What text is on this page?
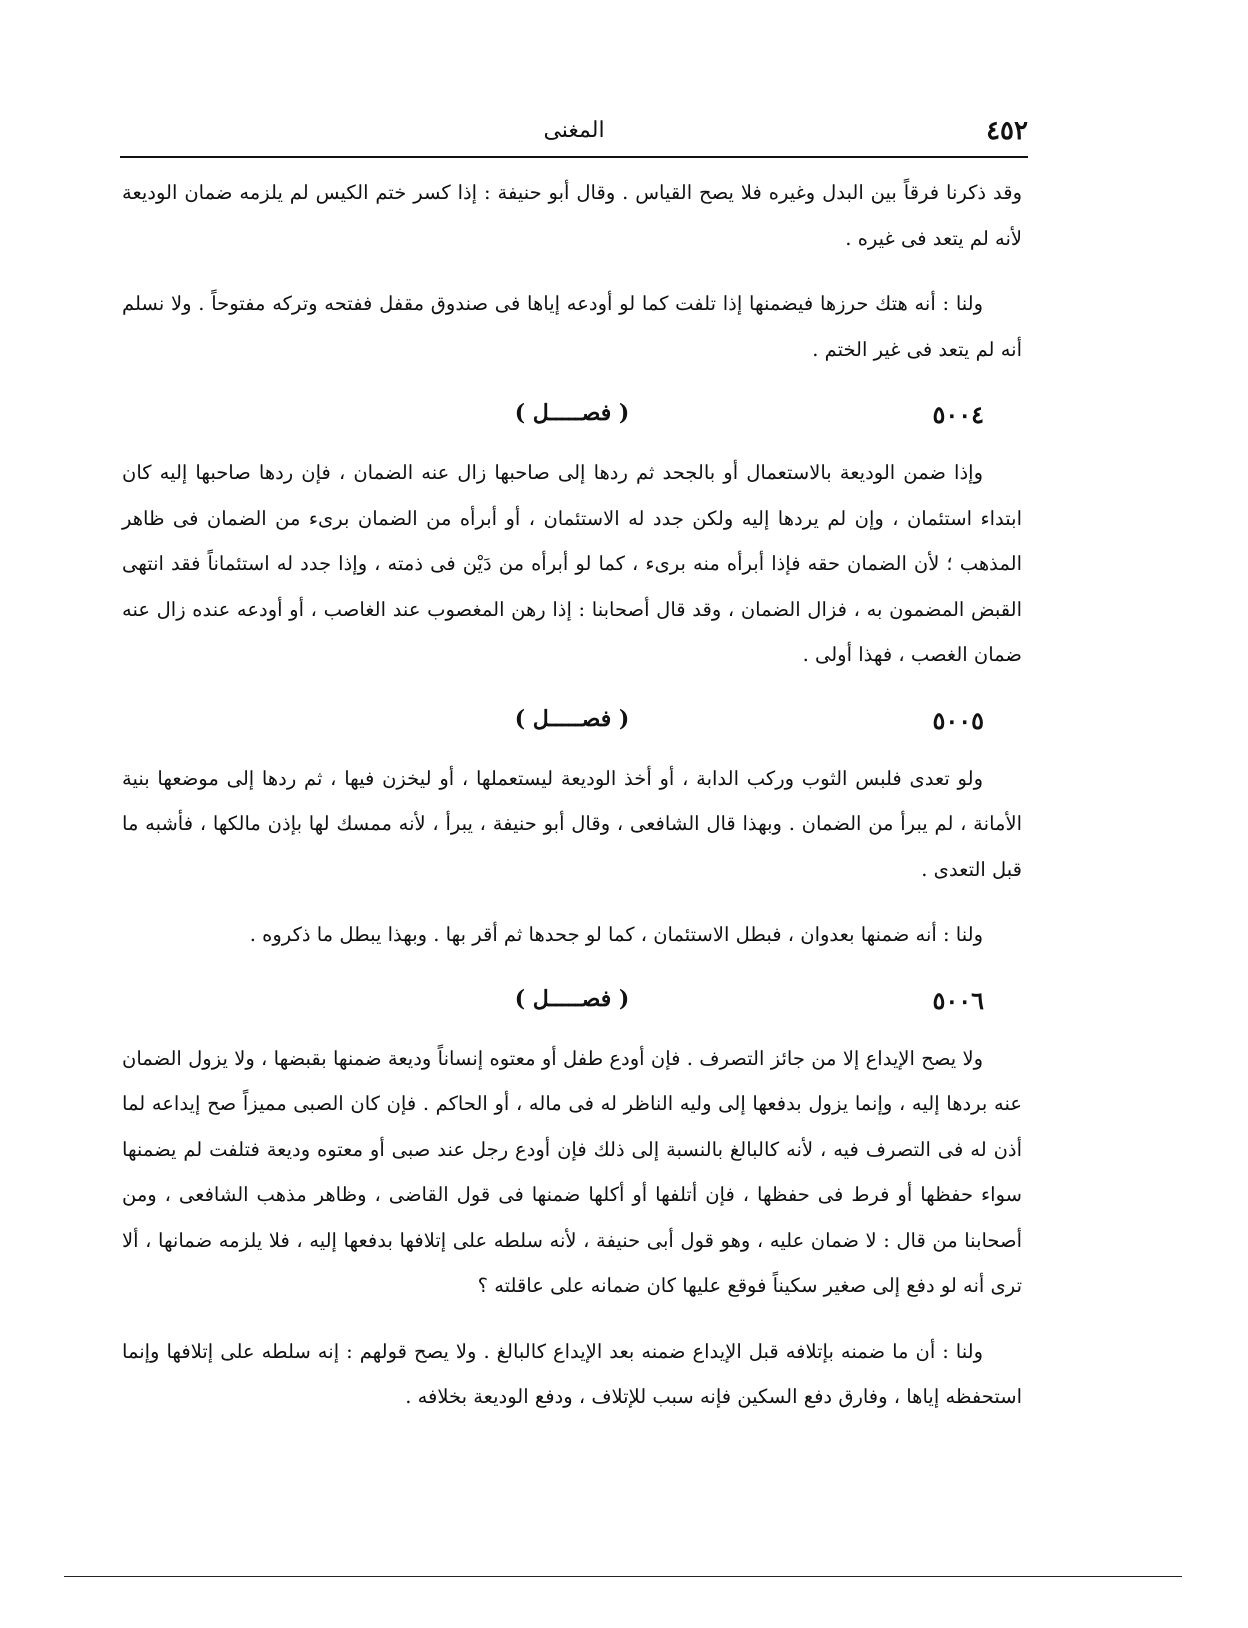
٤٥٢
المغنى

وقد ذكرنا فرقاً بين البدل وغيره فلا يصح القياس . وقال أبو حنيفة : إذا كسر ختم الكيس لم يلزمه ضمان الوديعة لأنه لم يتعد فى غيره .

ولنا : أنه هتك حرزها فيضمنها إذا تلفت كما لو أودعه إياها فى صندوق مقفل ففتحه وتركه مفتوحاً . ولا نسلم أنه لم يتعد فى غير الختم .

٥٠٠٤
( فصـــــل )

وإذا ضمن الوديعة بالاستعمال أو بالجحد ثم ردها إلى صاحبها زال عنه الضمان ، فإن ردها صاحبها إليه كان ابتداء استئمان ، وإن لم يردها إليه ولكن جدد له الاستئمان ، أو أبرأه من الضمان برىء من الضمان فى ظاهر المذهب ؛ لأن الضمان حقه فإذا أبرأه منه برىء ، كما لو أبرأه من دَيْن فى ذمته ، وإذا جدد له استئماناً فقد انتهى القبض المضمون به ، فزال الضمان ، وقد قال أصحابنا : إذا رهن المغصوب عند الغاصب ، أو أودعه عنده زال عنه ضمان الغصب ، فهذا أولى .

٥٠٠٥
( فصـــــل )

ولو تعدى فلبس الثوب وركب الدابة ، أو أخذ الوديعة ليستعملها ، أو ليخزن فيها ، ثم ردها إلى موضعها بنية الأمانة ، لم يبرأ من الضمان . وبهذا قال الشافعى ، وقال أبو حنيفة ، يبرأ ، لأنه ممسك لها بإذن مالكها ، فأشبه ما قبل التعدى .

ولنا : أنه ضمنها بعدوان ، فبطل الاستئمان ، كما لو جحدها ثم أقر بها . وبهذا يبطل ما ذكروه .

٥٠٠٦
( فصـــــل )

ولا يصح الإيداع إلا من جائز التصرف . فإن أودع طفل أو معتوه إنساناً وديعة ضمنها بقبضها ، ولا يزول الضمان عنه بردها إليه ، وإنما يزول بدفعها إلى وليه الناظر له فى ماله ، أو الحاكم . فإن كان الصبى مميزاً صح إيداعه لما أذن له فى التصرف فيه ، لأنه كالبالغ بالنسبة إلى ذلك فإن أودع رجل عند صبى أو معتوه وديعة فتلفت لم يضمنها سواء حفظها أو فرط فى حفظها ، فإن أتلفها أو أكلها ضمنها فى قول القاضى ، وظاهر مذهب الشافعى ، ومن أصحابنا من قال : لا ضمان عليه ، وهو قول أبى حنيفة ، لأنه سلطه على إتلافها بدفعها إليه ، فلا يلزمه ضمانها ، ألا ترى أنه لو دفع إلى صغير سكيناً فوقع عليها كان ضمانه على عاقلته ؟

ولنا : أن ما ضمنه بإتلافه قبل الإيداع ضمنه بعد الإيداع كالبالغ . ولا يصح قولهم : إنه سلطه على إتلافها وإنما استحفظه إياها ، وفارق دفع السكين فإنه سبب للإتلاف ، ودفع الوديعة بخلافه .
